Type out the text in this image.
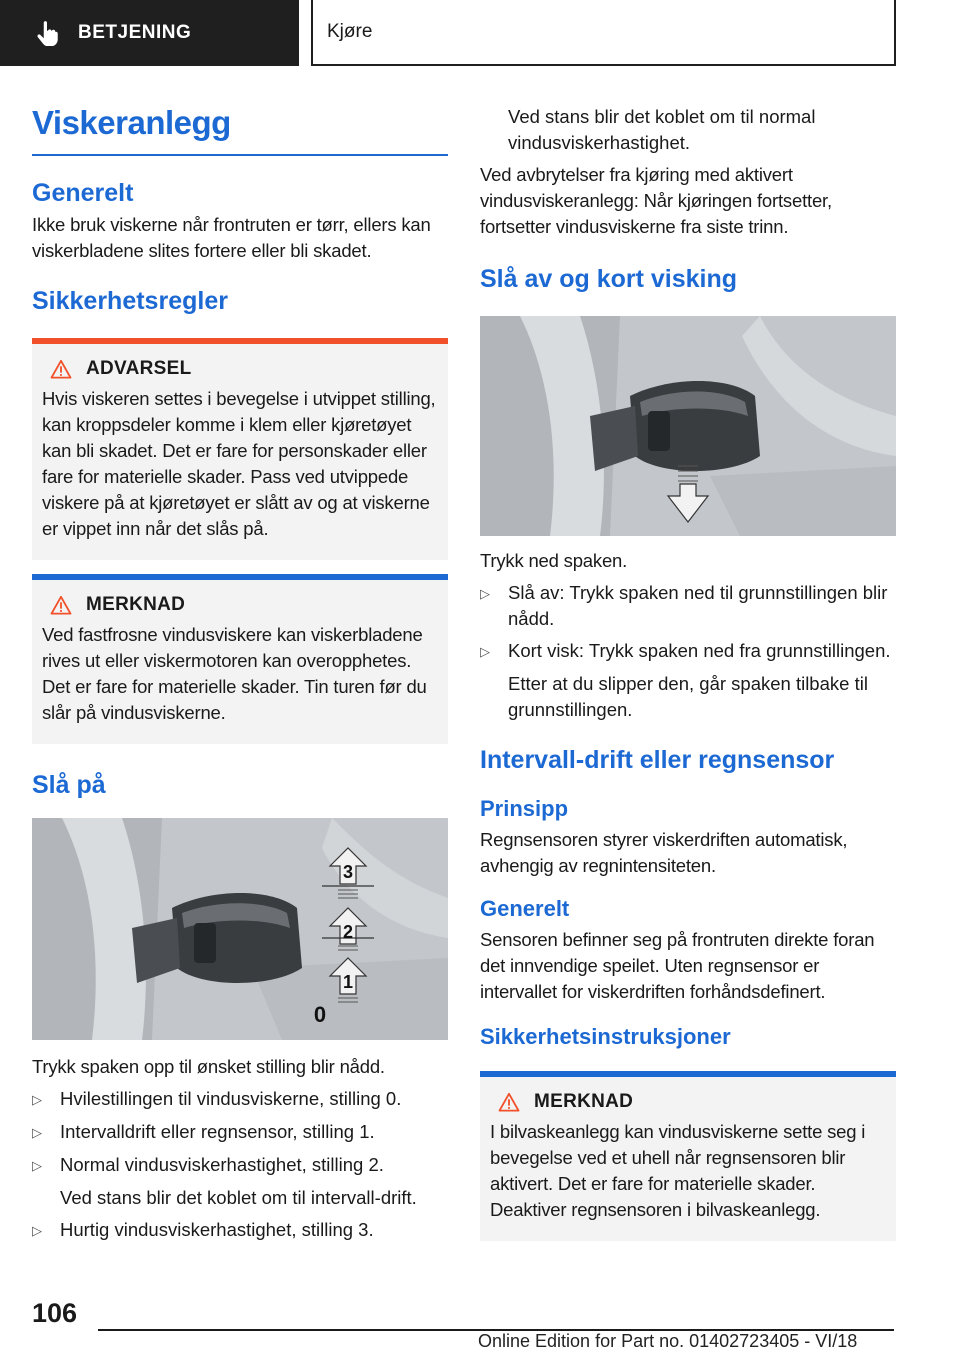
BETJENING	Kjøre
Viskeranlegg
Generelt

Ikke bruk viskerne når frontruten er tørr, ellers kan viskerbladene slites fortere eller bli skadet.

Sikkerhetsregler
ADVARSEL

Hvis viskeren settes i bevegelse i utvippet stilling, kan kroppsdeler komme i klem eller kjøretøyet kan bli skadet. Det er fare for personskader eller fare for materielle skader. Pass ved utvippede viskere på at kjøretøyet er slått av og at viskerne er vippet inn når det slås på.

MERKNAD

Ved fastfrosne vindusviskere kan viskerbladene rives ut eller viskermotoren kan overopphetes. Det er fare for materielle skader. Tin turen før du slår på vindusviskerne.

Slå på
3
2
1
0

Trykk spaken opp til ønsket stilling blir nådd.

▷ Hvilestillingen til vindusviskerne, stilling 0.
▷ Intervalldrift eller regnsensor, stilling 1.
▷ Normal vindusviskerhastighet, stilling 2.
Ved stans blir det koblet om til intervall-drift.
▷ Hurtig vindusviskerhastighet, stilling 3.
Ved stans blir det koblet om til normal vindusviskerhastighet.

Ved avbrytelser fra kjøring med aktivert vindusviskeranlegg: Når kjøringen fortsetter, fortsetter vindusviskerne fra siste trinn.

Slå av og kort visking

Trykk ned spaken.

▷ Slå av: Trykk spaken ned til grunnstillingen blir nådd.
▷ Kort visk: Trykk spaken ned fra grunnstillingen.
Etter at du slipper den, går spaken tilbake til grunnstillingen.
Intervall-drift eller regnsensor
Prinsipp

Regnsensoren styrer viskerdriften automatisk, avhengig av regnintensiteten.

Generelt

Sensoren befinner seg på frontruten direkte foran det innvendige speilet. Uten regnsensor er intervallet for viskerdriften forhåndsdefinert.

Sikkerhetsinstruksjoner
MERKNAD

I bilvaskeanlegg kan vindusviskerne sette seg i bevegelse ved et uhell når regnsensoren blir aktivert. Det er fare for materielle skader. Deaktiver regnsensoren i bilvaskeanlegg.

106
Online Edition for Part no. 01402723405 - VI/18
